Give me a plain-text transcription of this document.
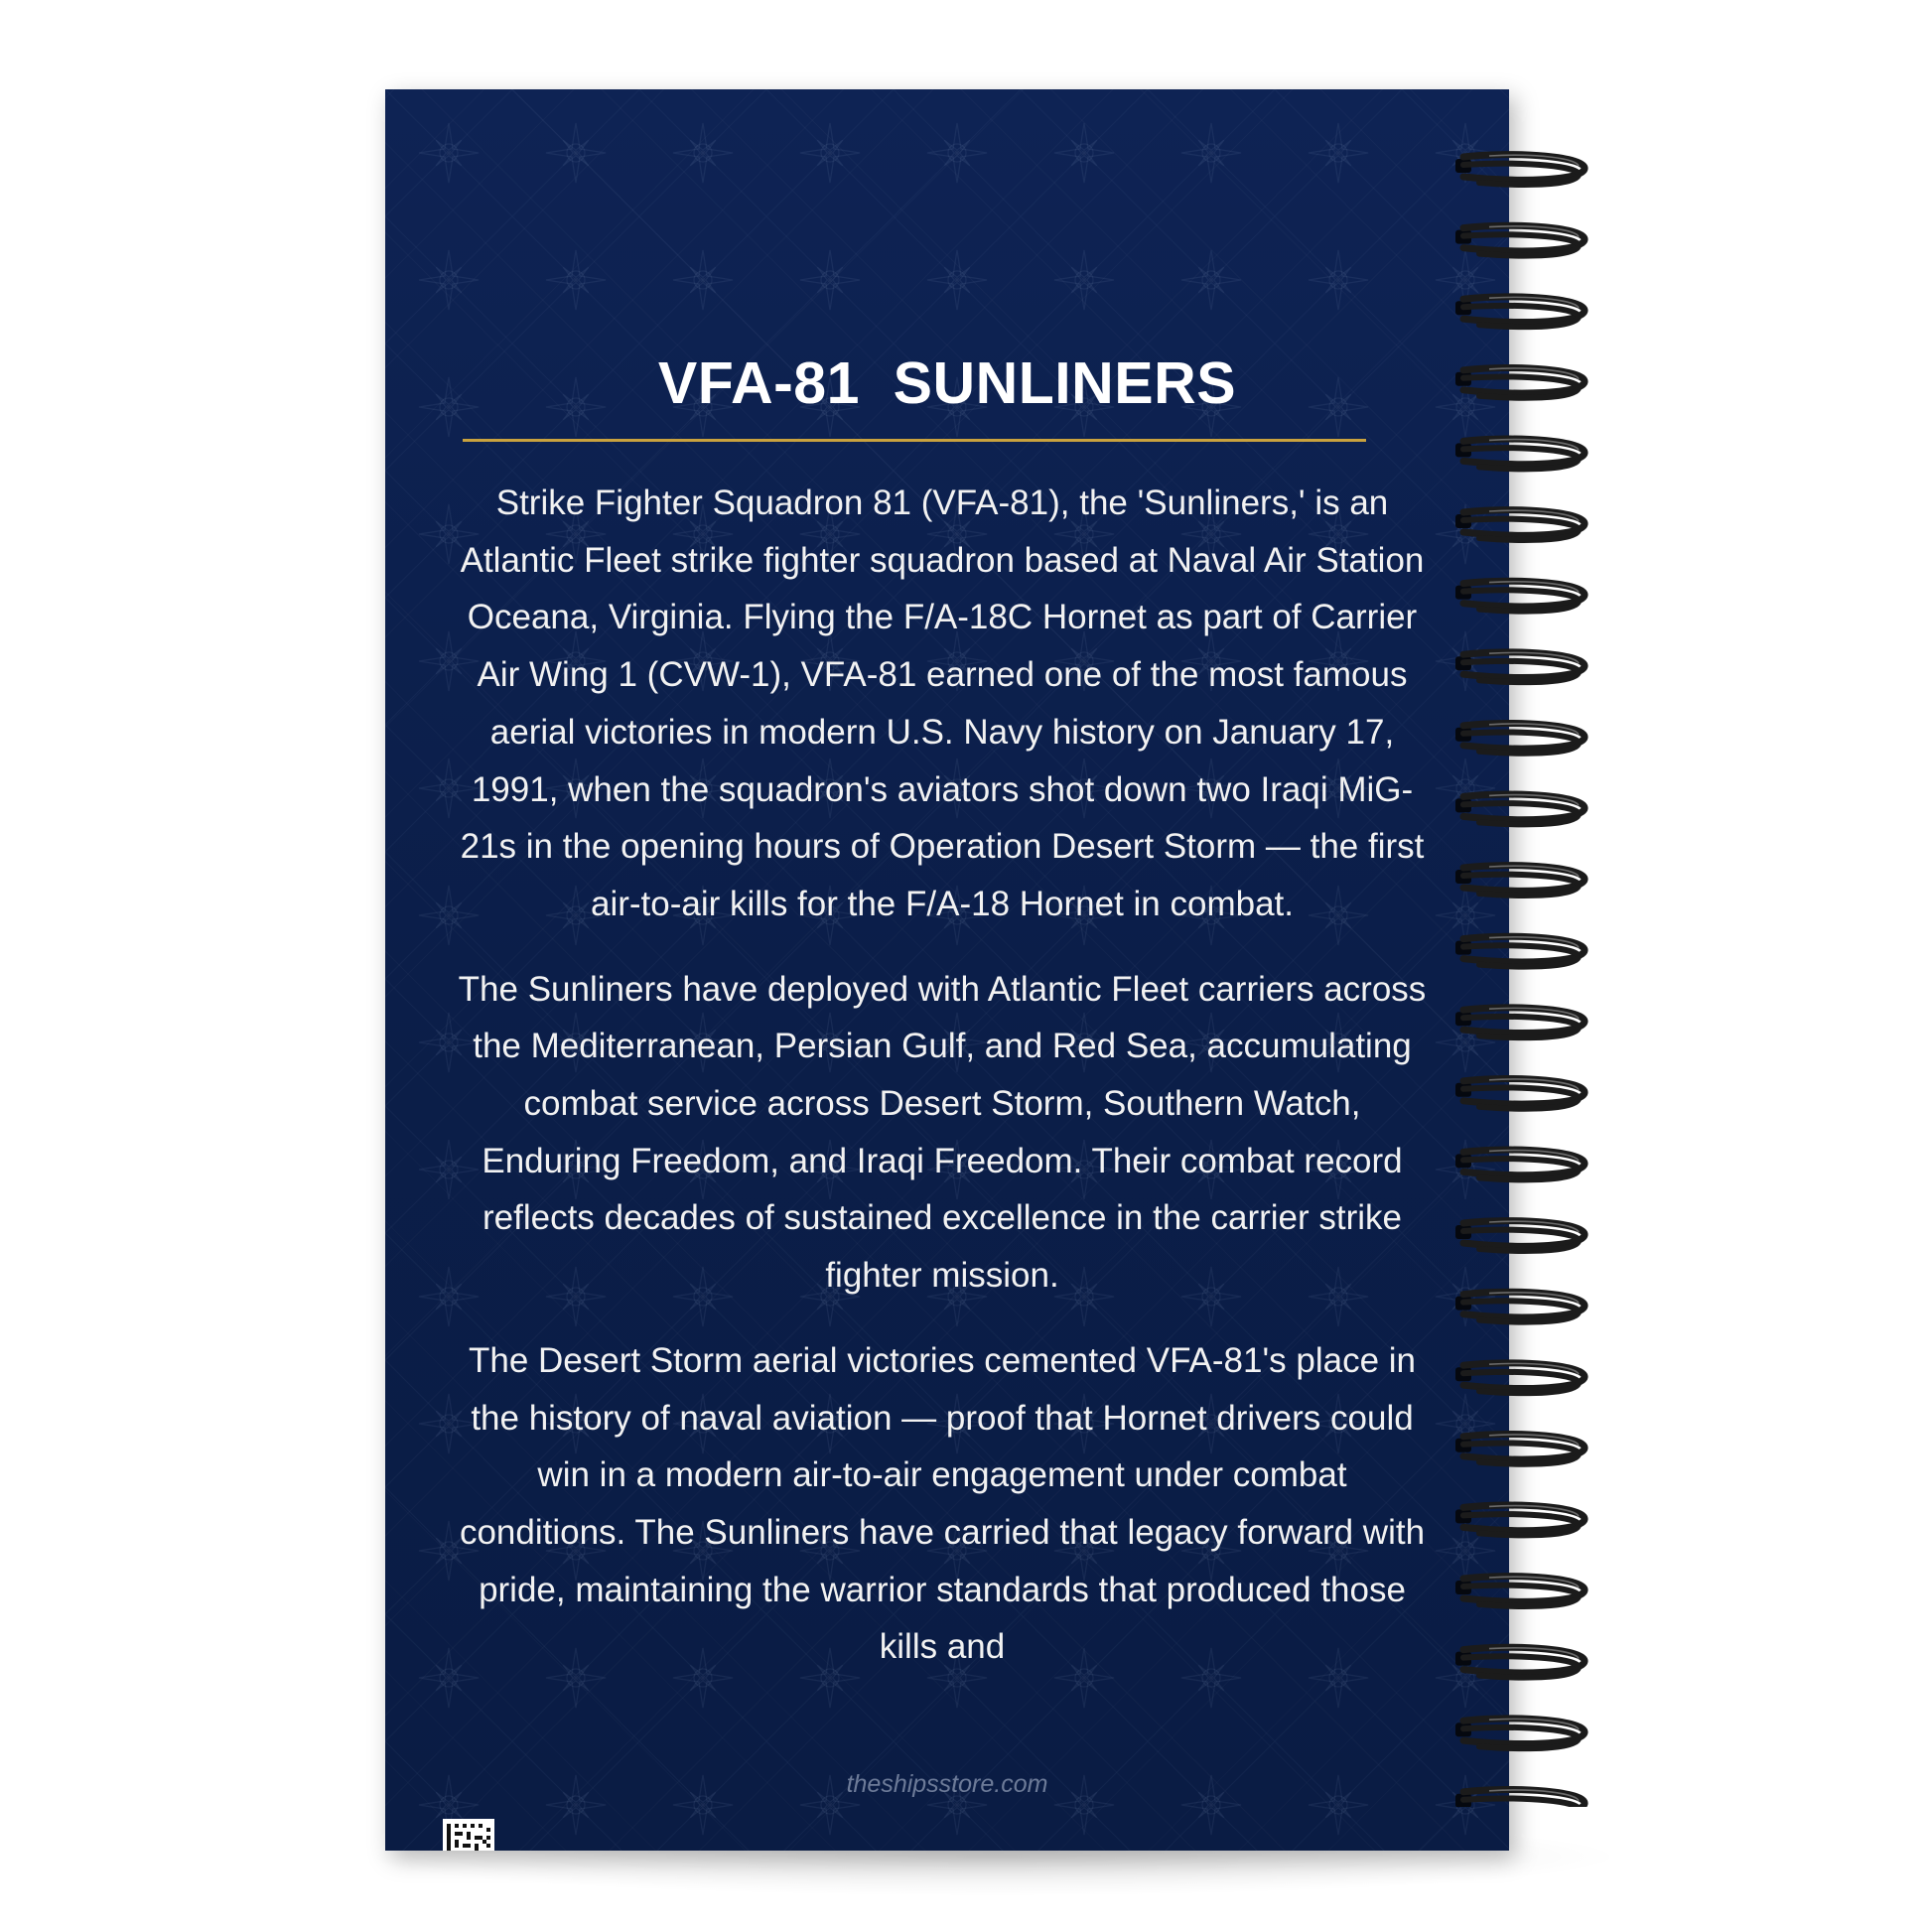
VFA-81  SUNLINERS

Strike Fighter Squadron 81 (VFA-81), the 'Sunliners,' is an Atlantic Fleet strike fighter squadron based at Naval Air Station Oceana, Virginia. Flying the F/A-18C Hornet as part of Carrier Air Wing 1 (CVW-1), VFA-81 earned one of the most famous aerial victories in modern U.S. Navy history on January 17, 1991, when the squadron's aviators shot down two Iraqi MiG-21s in the opening hours of Operation Desert Storm — the first air-to-air kills for the F/A-18 Hornet in combat.

The Sunliners have deployed with Atlantic Fleet carriers across the Mediterranean, Persian Gulf, and Red Sea, accumulating combat service across Desert Storm, Southern Watch, Enduring Freedom, and Iraqi Freedom. Their combat record reflects decades of sustained excellence in the carrier strike fighter mission.

The Desert Storm aerial victories cemented VFA-81's place in the history of naval aviation — proof that Hornet drivers could win in a modern air-to-air engagement under combat conditions. The Sunliners have carried that legacy forward with pride, maintaining the warrior standards that produced those kills and

theshipsstore.com
